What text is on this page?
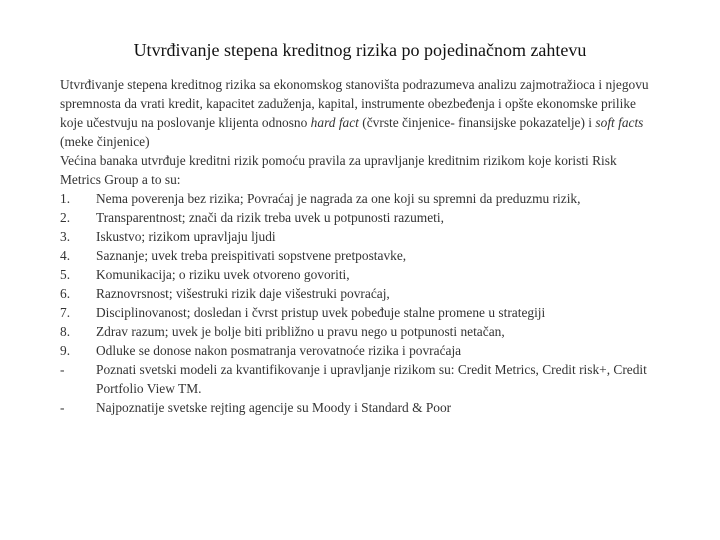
Utvrđivanje stepena kreditnog rizika po pojedinačnom zahtevu

Utvrđivanje stepena kreditnog rizika sa ekonomskog stanovišta podrazumeva analizu zajmotražioca i njegovu spremnosta da vrati kredit, kapacitet zaduženja, kapital, instrumente obezbeđenja i opšte ekonomske prilike koje učestvuju na poslovanje klijenta odnosno hard fact (čvrste činjenice- finansijske pokazatelje) i soft facts (meke činjenice)

Većina banaka utvrđuje kreditni rizik pomoću pravila za upravljanje kreditnim rizikom koje koristi Risk Metrics Group a to su:

1.	Nema poverenja bez rizika; Povraćaj je nagrada za one koji su spremni da preduzmu rizik,
2.	Transparentnost; znači da rizik treba uvek u potpunosti razumeti,
3.	Iskustvo; rizikom upravljaju ljudi
4.	Saznanje; uvek treba preispitivati sopstvene pretpostavke,
5.	Komunikacija; o riziku uvek otvoreno govoriti,
6.	Raznovrsnost; višestruki rizik daje višestruki povraćaj,
7.	Disciplinovanost; dosledan i čvrst pristup uvek pobeđuje stalne promene u strategiji
8.	Zdrav razum; uvek je bolje biti približno u pravu nego u potpunosti netačan,
9.	Odluke se donose nakon posmatranja verovatnoće rizika i povraćaja
-	Poznati svetski modeli za kvantifikovanje i upravljanje rizikom su: Credit Metrics, Credit risk+, Credit Portfolio View TM.
-	Najpoznatije svetske rejting agencije su Moody i Standard & Poor
